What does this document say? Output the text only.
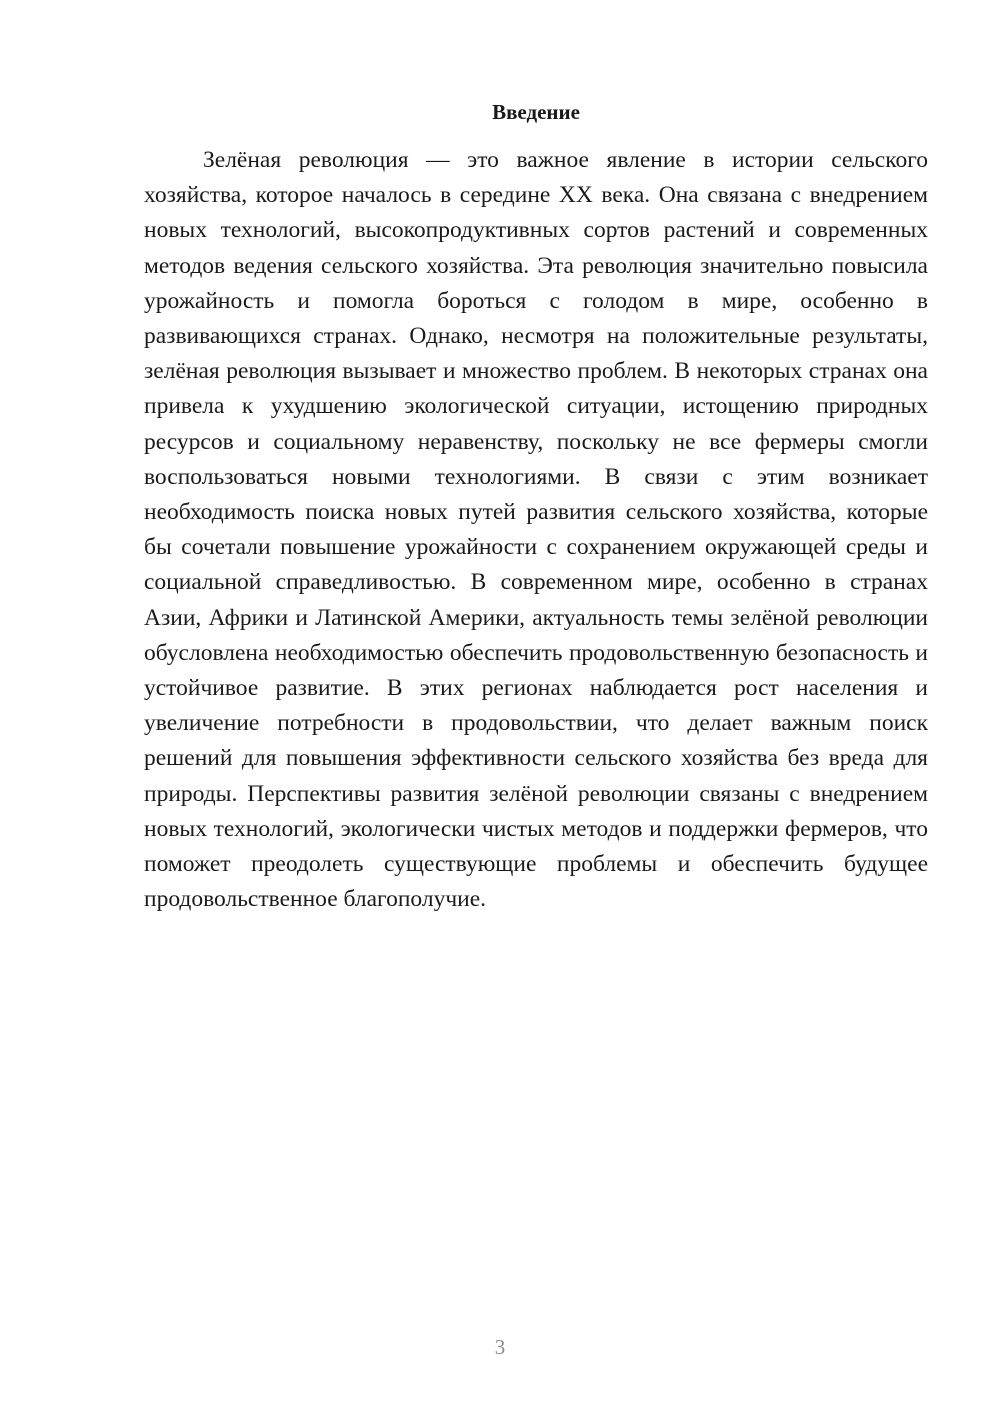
Введение

Зелёная революция — это важное явление в истории сельского хозяйства, которое началось в середине XX века. Она связана с внедрением новых технологий, высокопродуктивных сортов растений и современных методов ведения сельского хозяйства. Эта революция значительно повысила урожайность и помогла бороться с голодом в мире, особенно в развивающихся странах. Однако, несмотря на положительные результаты, зелёная революция вызывает и множество проблем. В некоторых странах она привела к ухудшению экологической ситуации, истощению природных ресурсов и социальному неравенству, поскольку не все фермеры смогли воспользоваться новыми технологиями. В связи с этим возникает необходимость поиска новых путей развития сельского хозяйства, которые бы сочетали повышение урожайности с сохранением окружающей среды и социальной справедливостью. В современном мире, особенно в странах Азии, Африки и Латинской Америки, актуальность темы зелёной революции обусловлена необходимостью обеспечить продовольственную безопасность и устойчивое развитие. В этих регионах наблюдается рост населения и увеличение потребности в продовольствии, что делает важным поиск решений для повышения эффективности сельского хозяйства без вреда для природы. Перспективы развития зелёной революции связаны с внедрением новых технологий, экологически чистых методов и поддержки фермеров, что поможет преодолеть существующие проблемы и обеспечить будущее продовольственное благополучие.

3
